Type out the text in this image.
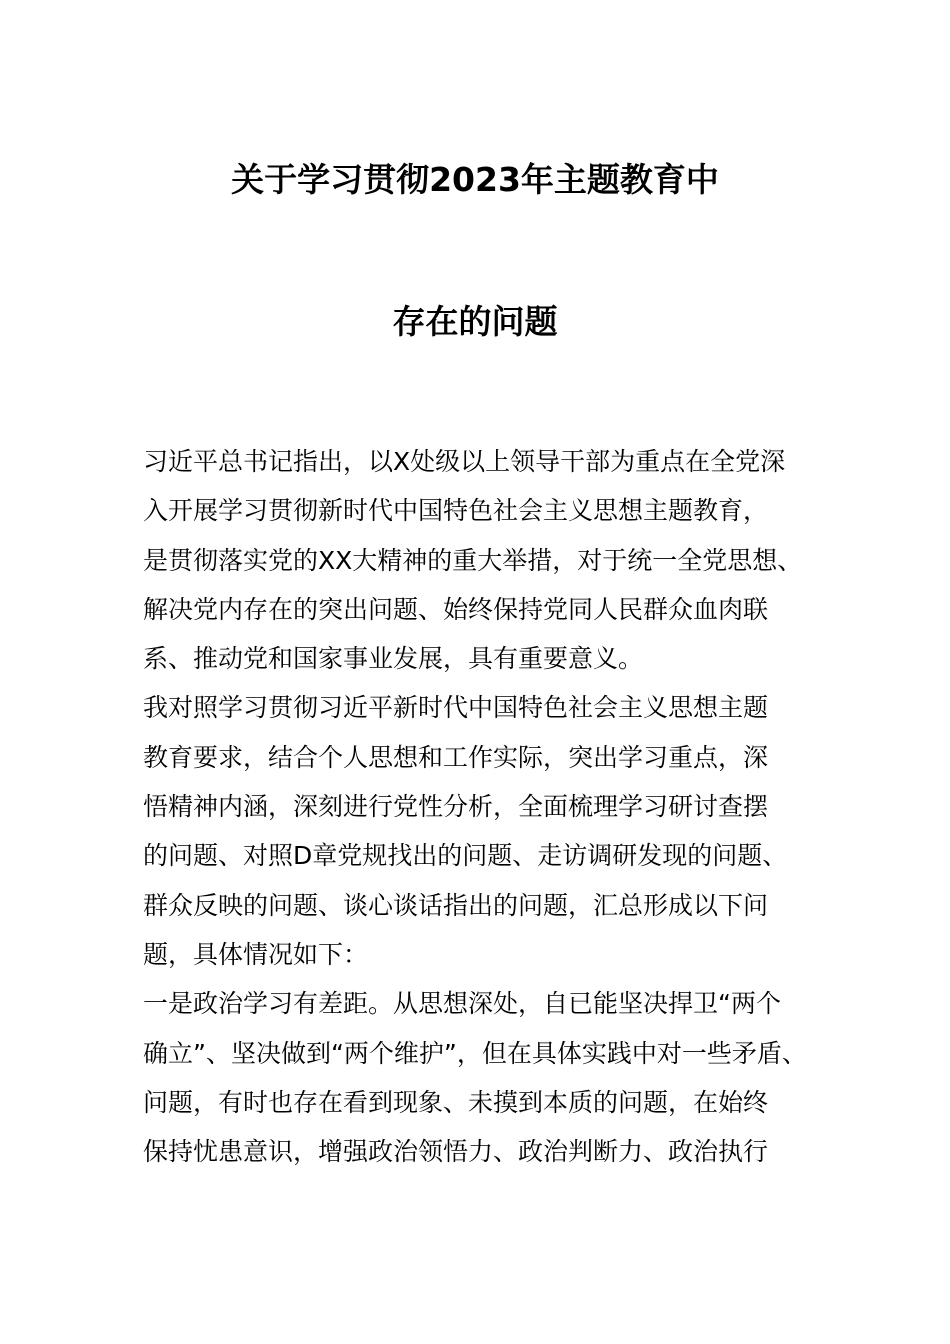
关于学习贯彻2023年主题教育中
存在的问题
习近平总书记指出，以X处级以上领导干部为重点在全党深
入开展学习贯彻新时代中国特色社会主义思想主题教育，
是贯彻落实党的XX大精神的重大举措，对于统一全党思想、
解决党内存在的突出问题、始终保持党同人民群众血肉联
系、推动党和国家事业发展，具有重要意义。
我对照学习贯彻习近平新时代中国特色社会主义思想主题
教育要求，结合个人思想和工作实际，突出学习重点，深
悟精神内涵，深刻进行党性分析，全面梳理学习研讨查摆
的问题、对照D章党规找出的问题、走访调研发现的问题、
群众反映的问题、谈心谈话指出的问题，汇总形成以下问
题，具体情况如下：
一是政治学习有差距。从思想深处，自已能坚决捍卫“两个
确立”、坚决做到“两个维护”，但在具体实践中对一些矛盾、
问题，有时也存在看到现象、未摸到本质的问题，在始终
保持忧患意识，增强政治领悟力、政治判断力、政治执行
